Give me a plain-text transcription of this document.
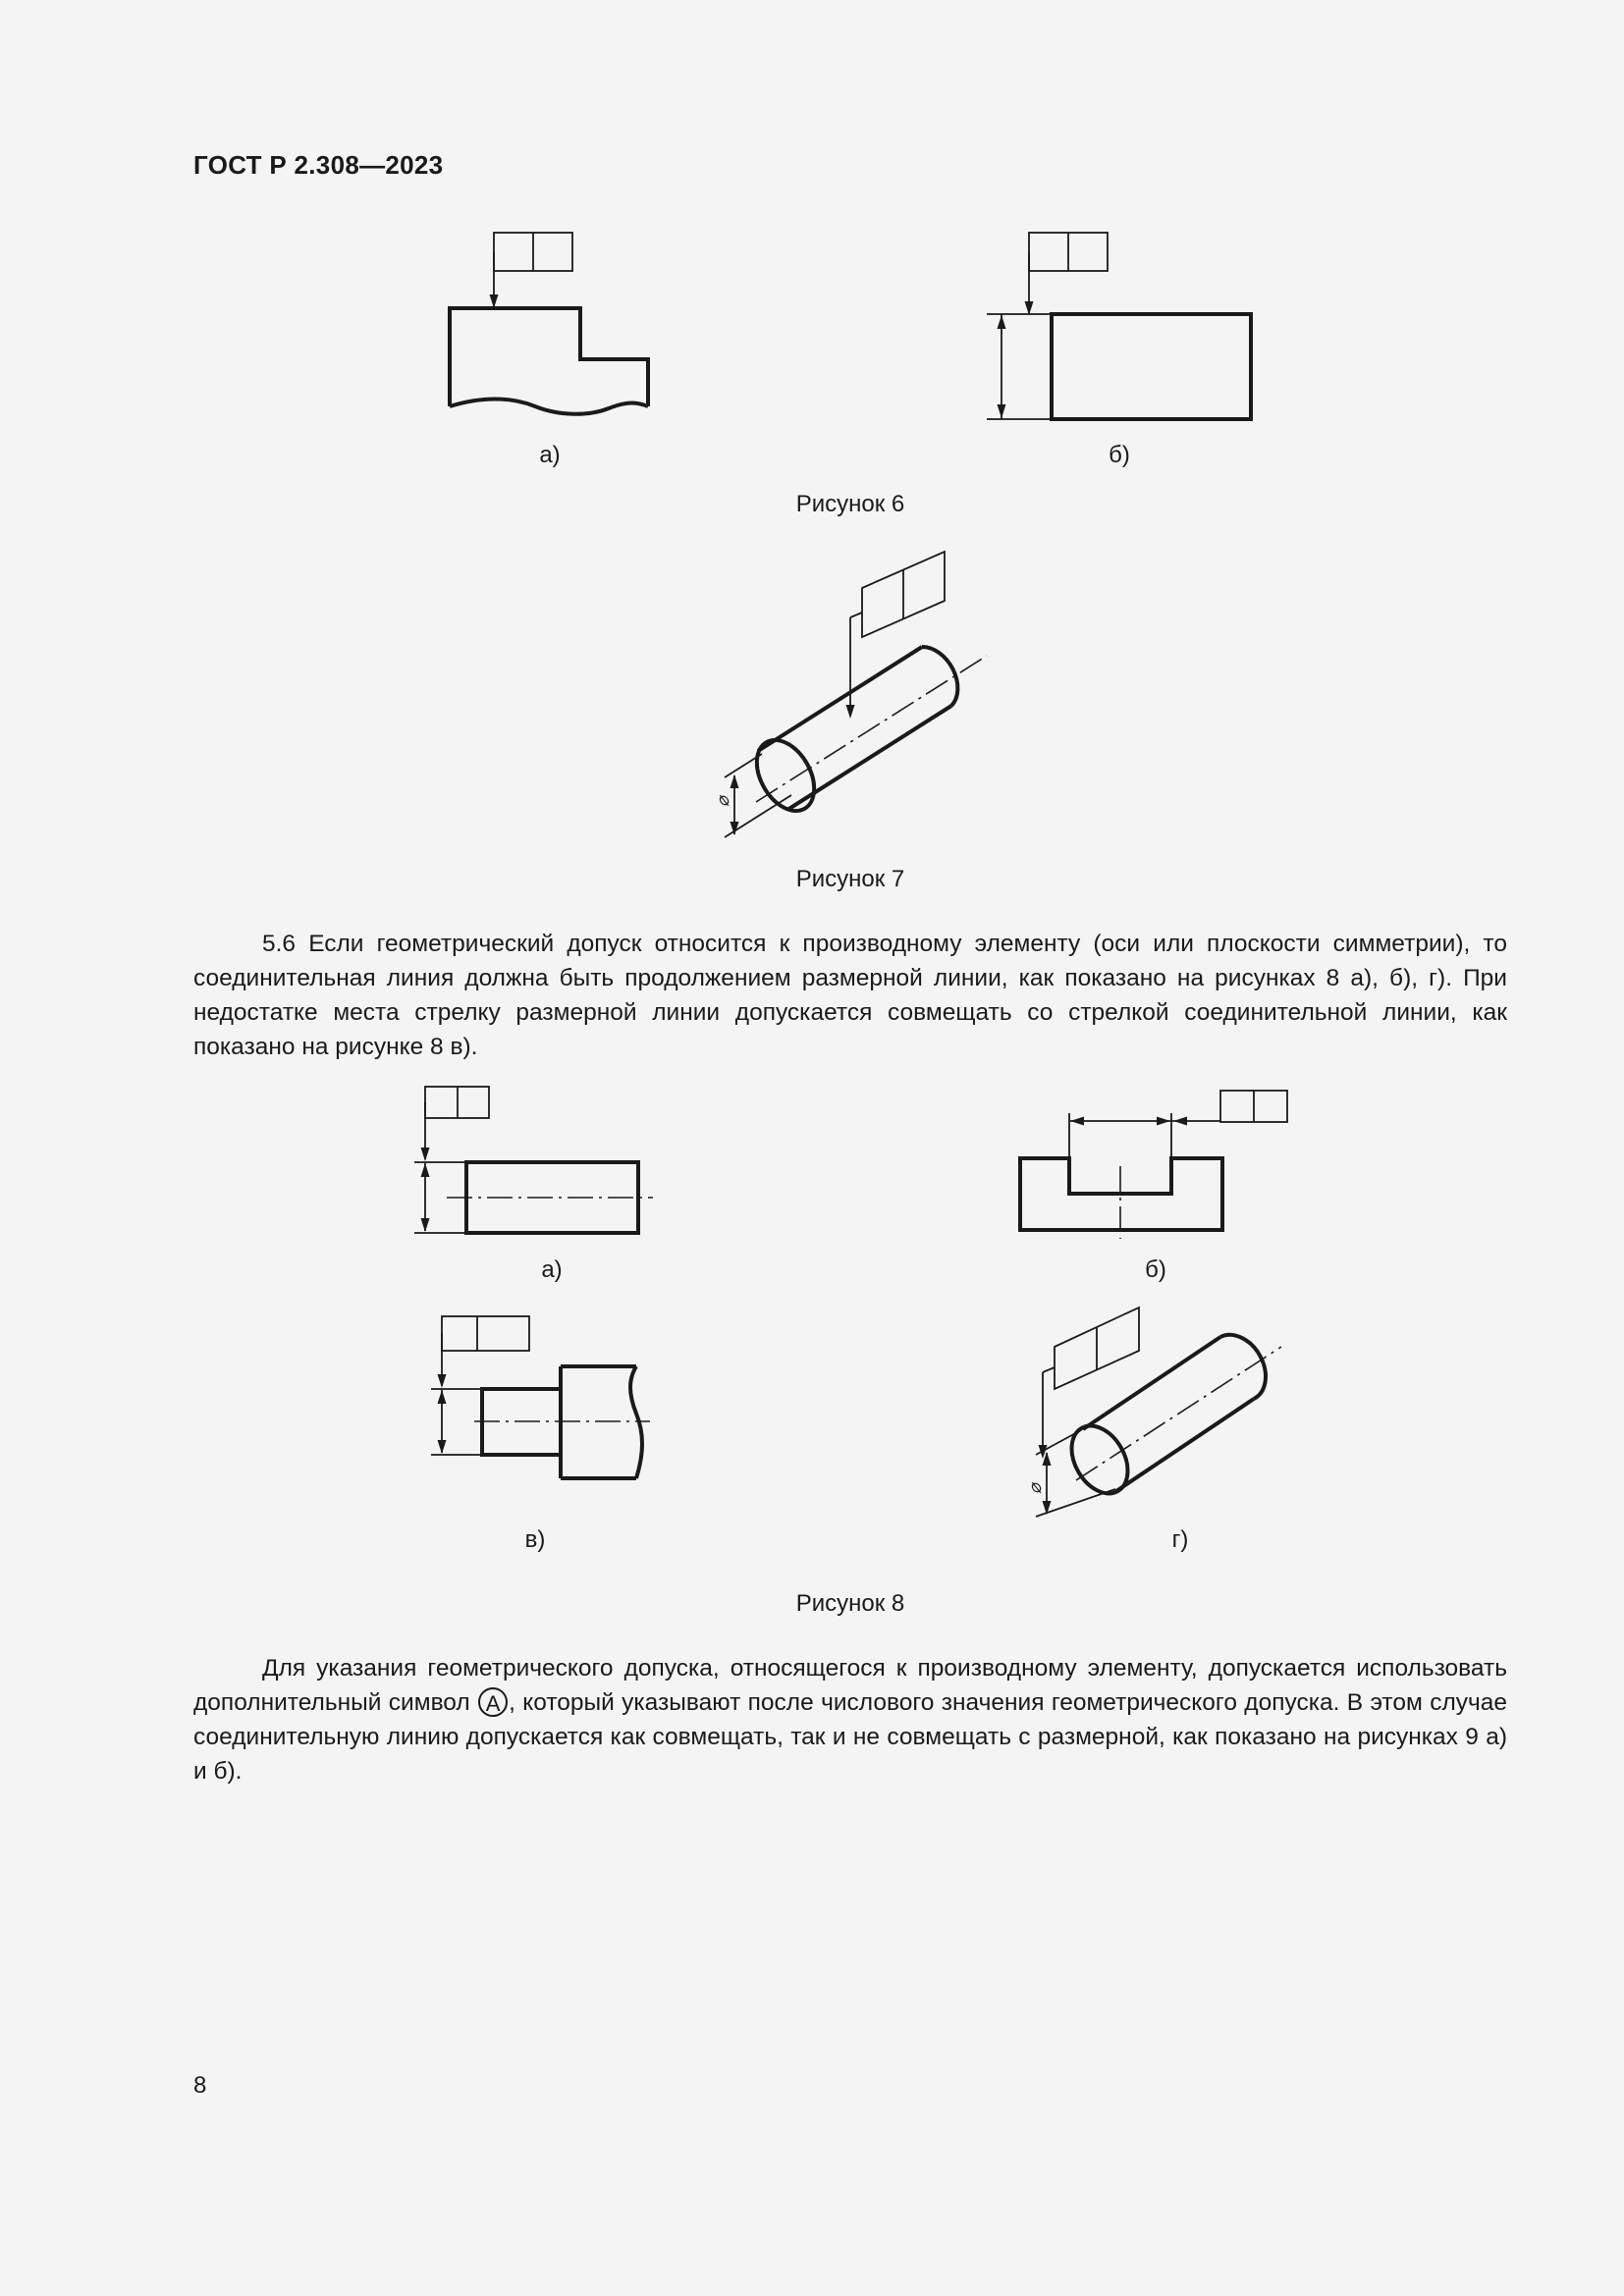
ГОСТ Р 2.308—2023
а)	б)
Рисунок 6
⌀
Рисунок 7
5.6 Если геометрический допуск относится к производному элементу (оси или плоскости симметрии), то соединительная линия должна быть продолжением размерной линии, как показано на рисунках 8 а), б), г). При недостатке места стрелку размерной линии допускается совмещать со стрелкой соединительной линии, как показано на рисунке 8 в).
а)	б)
в)
⌀
г)
Рисунок 8
Для указания геометрического допуска, относящегося к производному элементу, допускается использовать дополнительный символ A , который указывают после числового значения геометрического допуска. В этом случае соединительную линию допускается как совмещать, так и не совмещать с размерной, как показано на рисунках 9 а) и б).
8
